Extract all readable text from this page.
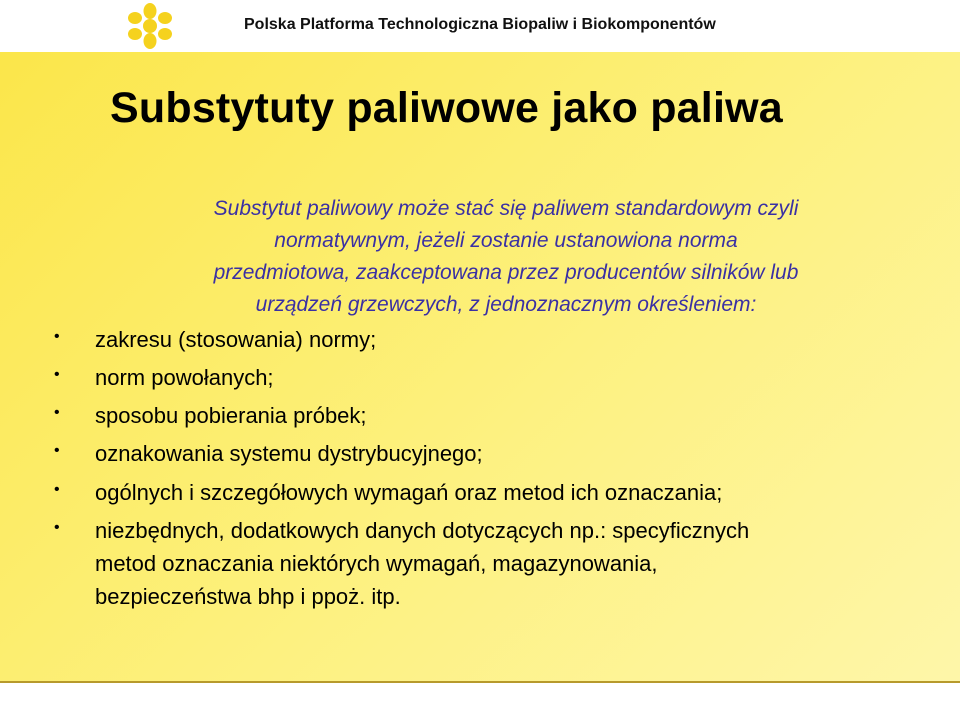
Polska Platforma Technologiczna Biopaliw i Biokomponentów
Substytuty paliwowe jako paliwa
Substytut paliwowy może stać się paliwem standardowym czyli
normatywnym, jeżeli zostanie ustanowiona norma
przedmiotowa, zaakceptowana przez producentów silników lub
urządzeń grzewczych, z jednoznacznym określeniem:
• zakresu (stosowania) normy;
• norm powołanych;
• sposobu pobierania próbek;
• oznakowania systemu dystrybucyjnego;
• ogólnych i szczegółowych wymagań oraz metod ich oznaczania;
• niezbędnych, dodatkowych danych dotyczących np.: specyficznych
metod oznaczania niektórych wymagań, magazynowania,
bezpieczeństwa bhp i ppoż. itp.
